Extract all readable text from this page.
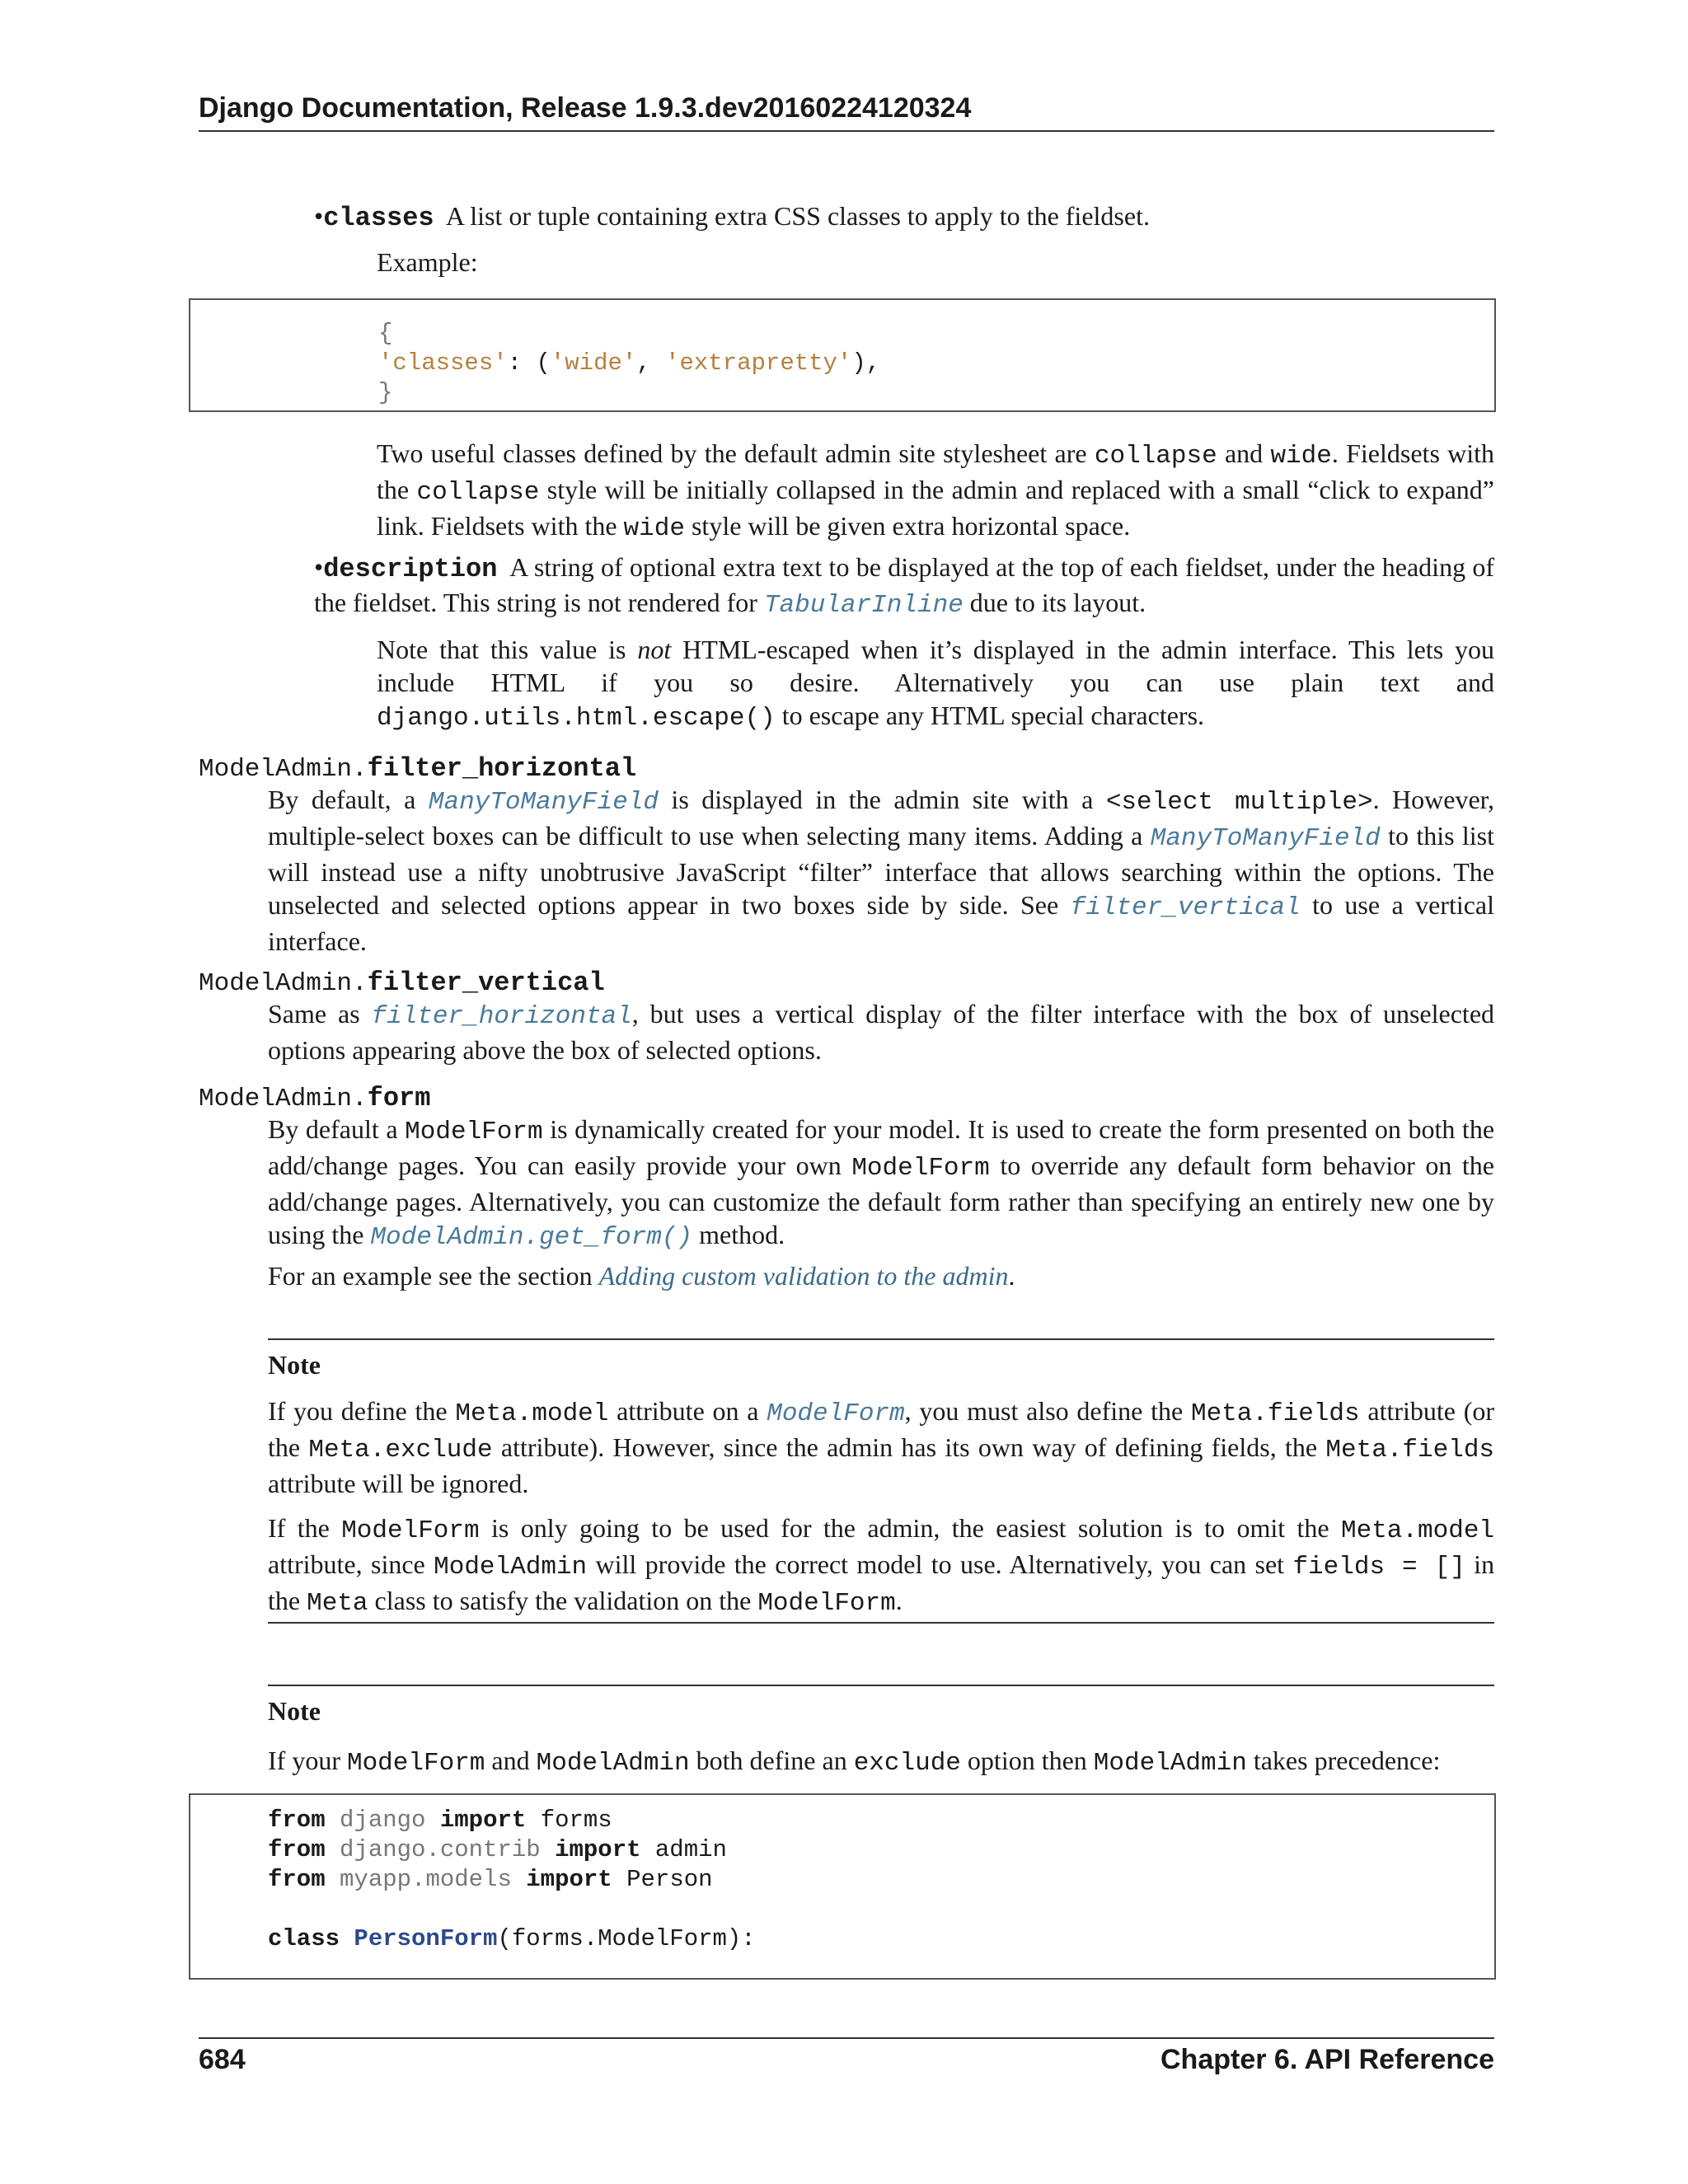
Django Documentation, Release 1.9.3.dev20160224120324
•classes A list or tuple containing extra CSS classes to apply to the fieldset.
Example:
{
'classes': ('wide', 'extrapretty'),
}
Two useful classes defined by the default admin site stylesheet are collapse and wide. Fieldsets with the collapse style will be initially collapsed in the admin and replaced with a small “click to expand” link. Fieldsets with the wide style will be given extra horizontal space.
•description A string of optional extra text to be displayed at the top of each fieldset, under the heading of the fieldset. This string is not rendered for TabularInline due to its layout.
Note that this value is not HTML-escaped when it’s displayed in the admin interface. This lets you include HTML if you so desire. Alternatively you can use plain text and django.utils.html.escape() to escape any HTML special characters.
ModelAdmin.filter_horizontal
By default, a ManyToManyField is displayed in the admin site with a <select multiple>. However, multiple-select boxes can be difficult to use when selecting many items. Adding a ManyToManyField to this list will instead use a nifty unobtrusive JavaScript “filter” interface that allows searching within the options. The unselected and selected options appear in two boxes side by side. See filter_vertical to use a vertical interface.
ModelAdmin.filter_vertical
Same as filter_horizontal, but uses a vertical display of the filter interface with the box of unselected options appearing above the box of selected options.
ModelAdmin.form
By default a ModelForm is dynamically created for your model. It is used to create the form presented on both the add/change pages. You can easily provide your own ModelForm to override any default form behavior on the add/change pages. Alternatively, you can customize the default form rather than specifying an entirely new one by using the ModelAdmin.get_form() method.
For an example see the section Adding custom validation to the admin.
Note
If you define the Meta.model attribute on a ModelForm, you must also define the Meta.fields attribute (or the Meta.exclude attribute). However, since the admin has its own way of defining fields, the Meta.fields attribute will be ignored.
If the ModelForm is only going to be used for the admin, the easiest solution is to omit the Meta.model attribute, since ModelAdmin will provide the correct model to use. Alternatively, you can set fields = [] in the Meta class to satisfy the validation on the ModelForm.
Note
If your ModelForm and ModelAdmin both define an exclude option then ModelAdmin takes precedence:
from django import forms
from django.contrib import admin
from myapp.models import Person
class PersonForm(forms.ModelForm):
684	Chapter 6. API Reference
